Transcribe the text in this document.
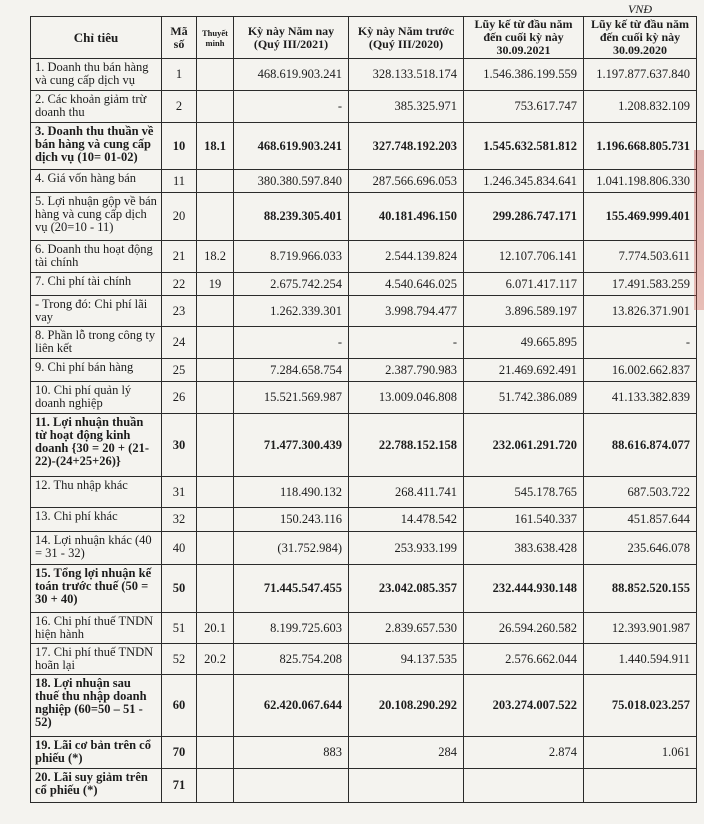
VNĐ
Chỉ tiêu	Mã số	Thuyết minh	Kỳ này Năm nay (Quý III/2021)	Kỳ này Năm trước (Quý III/2020)	Lũy kế từ đầu năm đến cuối kỳ này 30.09.2021	Lũy kế từ đầu năm đến cuối kỳ này 30.09.2020
1. Doanh thu bán hàng và cung cấp dịch vụ	1		468.619.903.241	328.133.518.174	1.546.386.199.559	1.197.877.637.840
2. Các khoản giảm trừ doanh thu	2		-	385.325.971	753.617.747	1.208.832.109
3. Doanh thu thuần về bán hàng và cung cấp dịch vụ (10= 01-02)	10	18.1	468.619.903.241	327.748.192.203	1.545.632.581.812	1.196.668.805.731
4. Giá vốn hàng bán	11		380.380.597.840	287.566.696.053	1.246.345.834.641	1.041.198.806.330
5. Lợi nhuận gộp về bán hàng và cung cấp dịch vụ (20=10 - 11)	20		88.239.305.401	40.181.496.150	299.286.747.171	155.469.999.401
6. Doanh thu hoạt động tài chính	21	18.2	8.719.966.033	2.544.139.824	12.107.706.141	7.774.503.611
7. Chi phí tài chính	22	19	2.675.742.254	4.540.646.025	6.071.417.117	17.491.583.259
- Trong đó: Chi phí lãi vay	23		1.262.339.301	3.998.794.477	3.896.589.197	13.826.371.901
8. Phần lỗ trong công ty liên kết	24		-	-	49.665.895	-
9. Chi phí bán hàng	25		7.284.658.754	2.387.790.983	21.469.692.491	16.002.662.837
10. Chi phí quản lý doanh nghiệp	26		15.521.569.987	13.009.046.808	51.742.386.089	41.133.382.839
11. Lợi nhuận thuần từ hoạt động kinh doanh {30 = 20 + (21-22)-(24+25+26)}	30		71.477.300.439	22.788.152.158	232.061.291.720	88.616.874.077
12. Thu nhập khác	31		118.490.132	268.411.741	545.178.765	687.503.722
13. Chi phí khác	32		150.243.116	14.478.542	161.540.337	451.857.644
14. Lợi nhuận khác (40 = 31 - 32)	40		(31.752.984)	253.933.199	383.638.428	235.646.078
15. Tổng lợi nhuận kế toán trước thuế (50 = 30 + 40)	50		71.445.547.455	23.042.085.357	232.444.930.148	88.852.520.155
16. Chi phí thuế TNDN hiện hành	51	20.1	8.199.725.603	2.839.657.530	26.594.260.582	12.393.901.987
17. Chi phí thuế TNDN hoãn lại	52	20.2	825.754.208	94.137.535	2.576.662.044	1.440.594.911
18. Lợi nhuận sau thuế thu nhập doanh nghiệp (60=50 – 51 - 52)	60		62.420.067.644	20.108.290.292	203.274.007.522	75.018.023.257
19. Lãi cơ bản trên cổ phiếu (*)	70		883	284	2.874	1.061
20. Lãi suy giảm trên cổ phiếu (*)	71					
